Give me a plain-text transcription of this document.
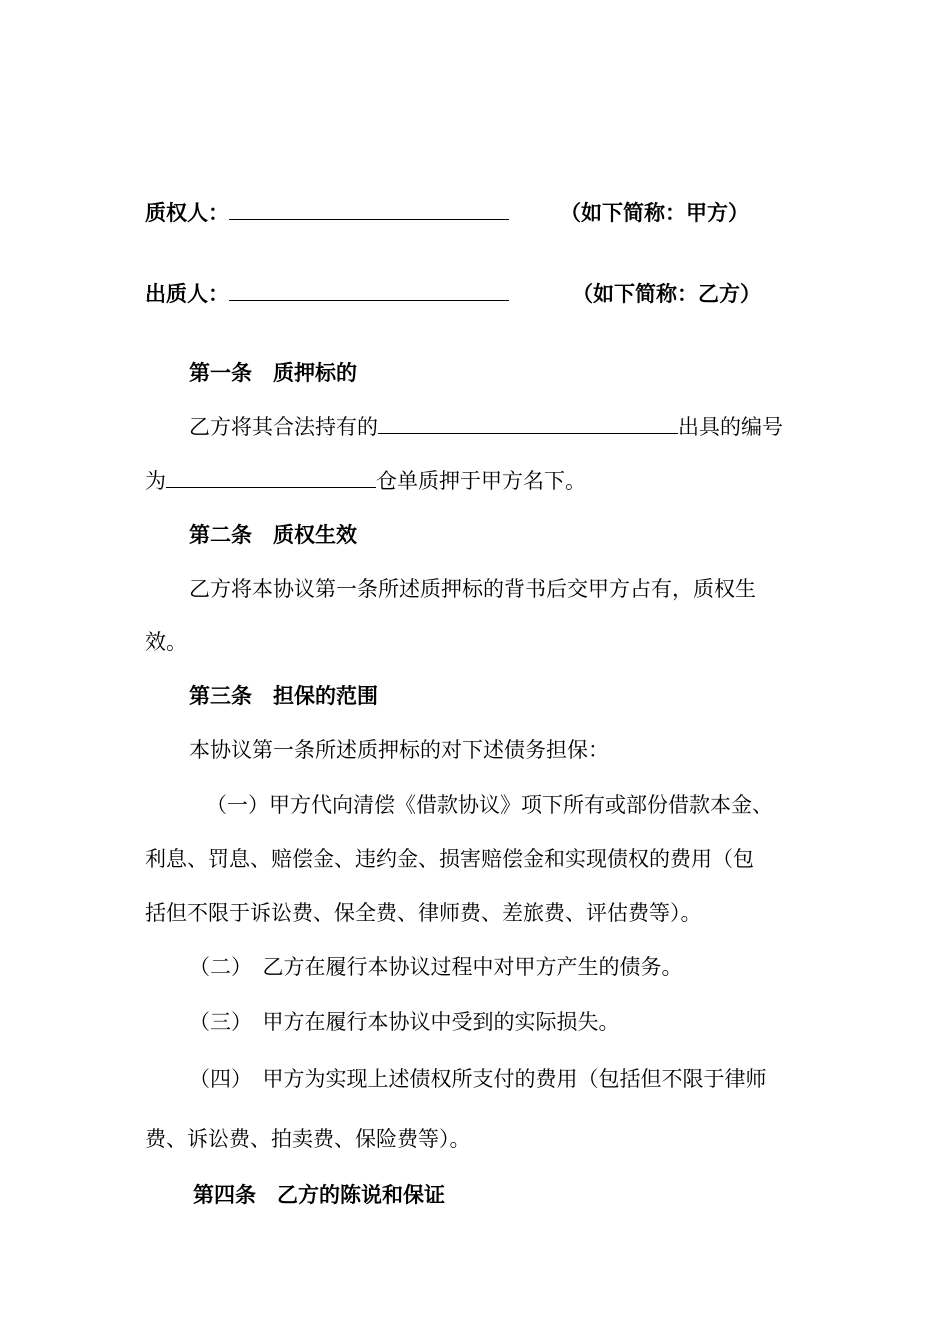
质权人：	（如下简称：甲方）
出质人：	（如下简称：乙方）
第一条　质押标的
乙方将其合法持有的	出具的编号
为	仓单质押于甲方名下。
第二条　质权生效
乙方将本协议第一条所述质押标的背书后交甲方占有，质权生
效。
第三条　担保的范围
本协议第一条所述质押标的对下述债务担保：
（一）甲方代向清偿《借款协议》项下所有或部份借款本金、
利息、罚息、赔偿金、违约金、损害赔偿金和实现债权的费用（包
括但不限于诉讼费、保全费、律师费、差旅费、评估费等）。
（二）　乙方在履行本协议过程中对甲方产生的债务。
（三）　甲方在履行本协议中受到的实际损失。
（四）　甲方为实现上述债权所支付的费用（包括但不限于律师
费、诉讼费、拍卖费、保险费等）。
第四条　乙方的陈说和保证
